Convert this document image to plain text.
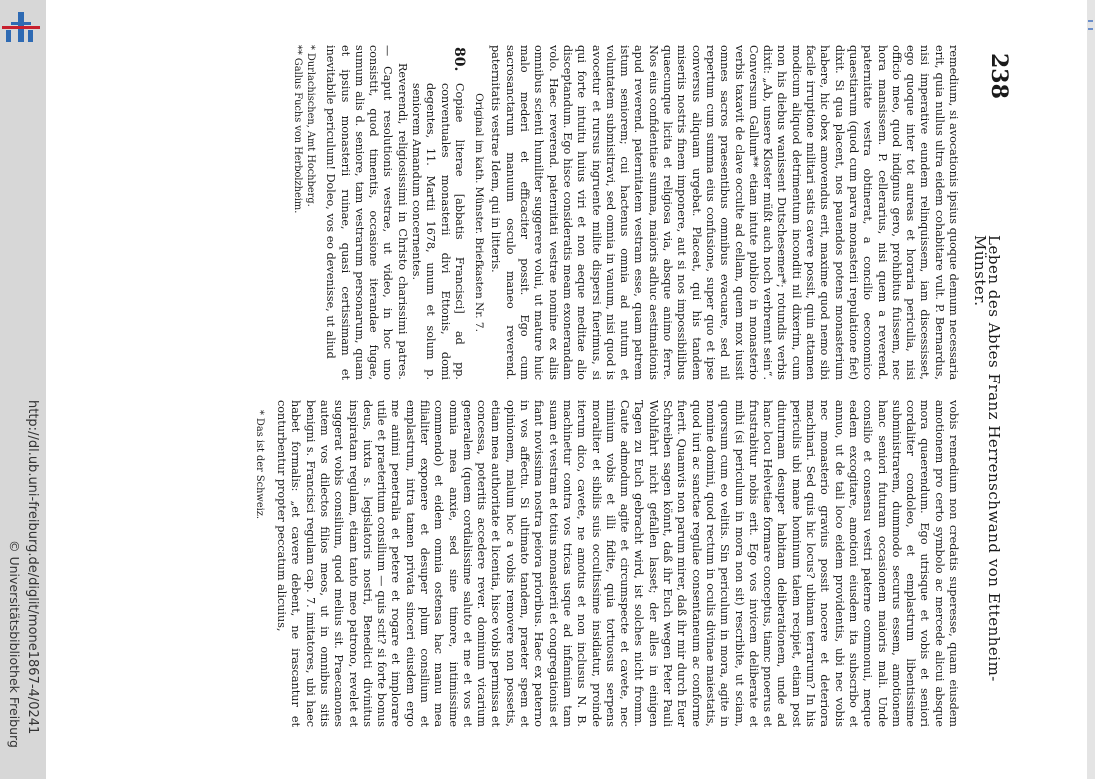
http://dl.ub.uni-freiburg.de/diglit/mone1867-4/0241
© Universitätsbibliothek Freiburg
238
Leben des Abtes Franz Herrenschwand von Ettenheim-Münster.

remedium, si avocationis ipsius quoque demum necessaria erit, quia nullus ultra eidem cohabitare vult. P. Bernardus, nisi imperative eundem relinquissem, iam discessisset, ego quoque inter tot aureas et horaria periculia, nisi officio meo, quod indignus gero, prohibitus fuissem, nec hora mansissem. P. cellerarius, nisi quem a reverend. paternitate vestra obtinerat, a concilio oeconomico quaestiarum (quod cum parva monasterii repulatione fiet) dixit. Si qua placent, nos pauendos potens monasterium habere, hic obex amovendus erit, maxime quod nemo sibi facile irruptione militari satis cavere possit, quin attamen modicum aliquod detrimentum inconditi nil dixerim, cum non his diebus wanissent Dutschesemer*; rotundis verbis dixit: „Ab, unsere Kloster müßt auch noch verbrennt sein“. Conversum Gallum** etiam intute publico in monasterio verbis taxavit de clave occulte ad cellam, quem mox iussit omnes sacros praesentibus omnibus evacuare, sed nil repertum cum summa eius confusione, super quo et ipse conversus aliquam urgebat. Placeat, qui his tandem miseriis nostris finem imponere, aut si nos impossibilibus quaecunque licita et religiosa via, absque animo ferre. Nos eius confidentiae summa, maioris adhuc aestimationis apud reverend. paternitatem vestram esse, quam patrem istum seniorem; cui hactenus omnia ad nutum et voluntatem submisitravi, sed omnia in vanum, nisi quod is avocetur et rursus ingruente milite dispersi fuerimus, si qui forte intuitu huius viri et non aeque meditae alio disceptandum. Ego hisce consideratis meam exonerandam volo. Haec reverend. paternitati vestrae nomine ex aliis omnibus scienti humiliter suggerere volui, ut mature huic malo mederi et efficaciter possit. Ego cum sacrosanctarum manuum osculo maneo reverend. paternitatis vestrae Idem, qui in litteris.

Original im kath. Münster. Briefkasten Nr. 7.
80.
Copiae literae [abbatis Francisci] ad pp. conventuales monasterii divi Ettonis, domi degentes, 11. Martii 1678, unum et solum p. seniorem Amandum concernentes.

Reverendi, religiosissimi in Christo charissimi patres. — Caput resolutionis vestrae, ut video, in hoc uno consistit, quod timentis, occasione iterandae fugae, sumum alis d. seniore, tam vestrarum personarum, quam et ipsius monasterii ruinae, quasi certissimam et inevitabile periculum! Doleo, vos eo devenisse, ut aliud

* Durlachischen, Amt Hochberg.
** Gallus Fuchs von Herbolzheim.

vobis remedium non credatis superesse, quam eiusdem amotionem pro certo symbolo ac mercede alicui absque mora quaerendum. Ego utrisque et vobis et seniori cordaliter condoleo, et emplastrum libentissime subministrarem, dummodo securus essem, amotionem hanc seniori futuram occasionem maioris mali. Unde consilio et consensu vestri paterne commonui, meque eadem excogitare, amotioni eiusdem ita subscribo et annuo, ut de tali loco eidem providentis, ubi nec vobis nec monasterio gravius possit nocere et deteriora machinari. Sed quis hic locus? ubinam terrarum? In his periculis ubi mane hominum talem recipiet, etiam post diuturnam desuper habitam deliberationem, unde ad hanc locu Helvetiae formare conceptus, tiamc pnoerus et frustrabitur nobis erit. Ego vos invicem deliberate et mihi (si periculum in mora non sit) rescribite, ut sciam, quorsum cum eo velitis. Sin periculum in mora, agite in nomine domini, quod rectum in oculis divinae maiestatis, quod iuri ac sanctae regulae consentaneum ac conforme fuerit. Quamvis non parum mirer, daß ihr mir durch Euer Schreiben sagen könnt, daß ihr Euch wegen Peter Pauli Wohlfahrt nicht gefallen lasset; der alles in einigen Tagen zu Euch gebracht wird, ist solches nicht fromm. Caute admodum agite et circumspecte et cavete, nec nimium vobis et illi fidite, quia tortuosus serpens moraliter et sibilis suis occultissime insidiatur, proinde iterum dico, cavete, ne amotus et non inclusus N. B. machinetur contra vos tricas usque ad infamiam tam suam et vestram et totius monasterii et congregationis et fiant novissima nostra peiora prioribus. Haec ex paterno in vos affectu. Si ultimato tandem, praeter spem et opinionem, malum hoc a vobis removere non possetis, etiam mea authoritate et licentia, hisce vobis permissa et concessa, poteritis accedere rever. dominum vicarium generalem (quem cordialissime saluto et me et vos et omnia mea anxie, sed sine timore, intimissime commendo) et eidem omnia ostensa hac manu mea filialiter exponere et desuper plum consilium et emplastrum, intra tamen privata sinceri eiusdem ergo me animi penetralia et petere et rogare et implorare utile et praeteritum consilium — quis scit? si forte bonus deus, iuxta s. legislatoris nostri, Benedicti divinitus inspiratam regulam, etiam tanto meo patrono, revelet et suggerat vobis consilium, quod melius sit. Praecanones autem vos dilectos filios meos, ut in omnibus sitis benigni s. Francisci regulam cap. 7. imitatores, ubi haec habet formalis: „et cavere debent, ne irascantur et conturbentur propter peccatum alicuius,

* Das ist der Schweiz.
